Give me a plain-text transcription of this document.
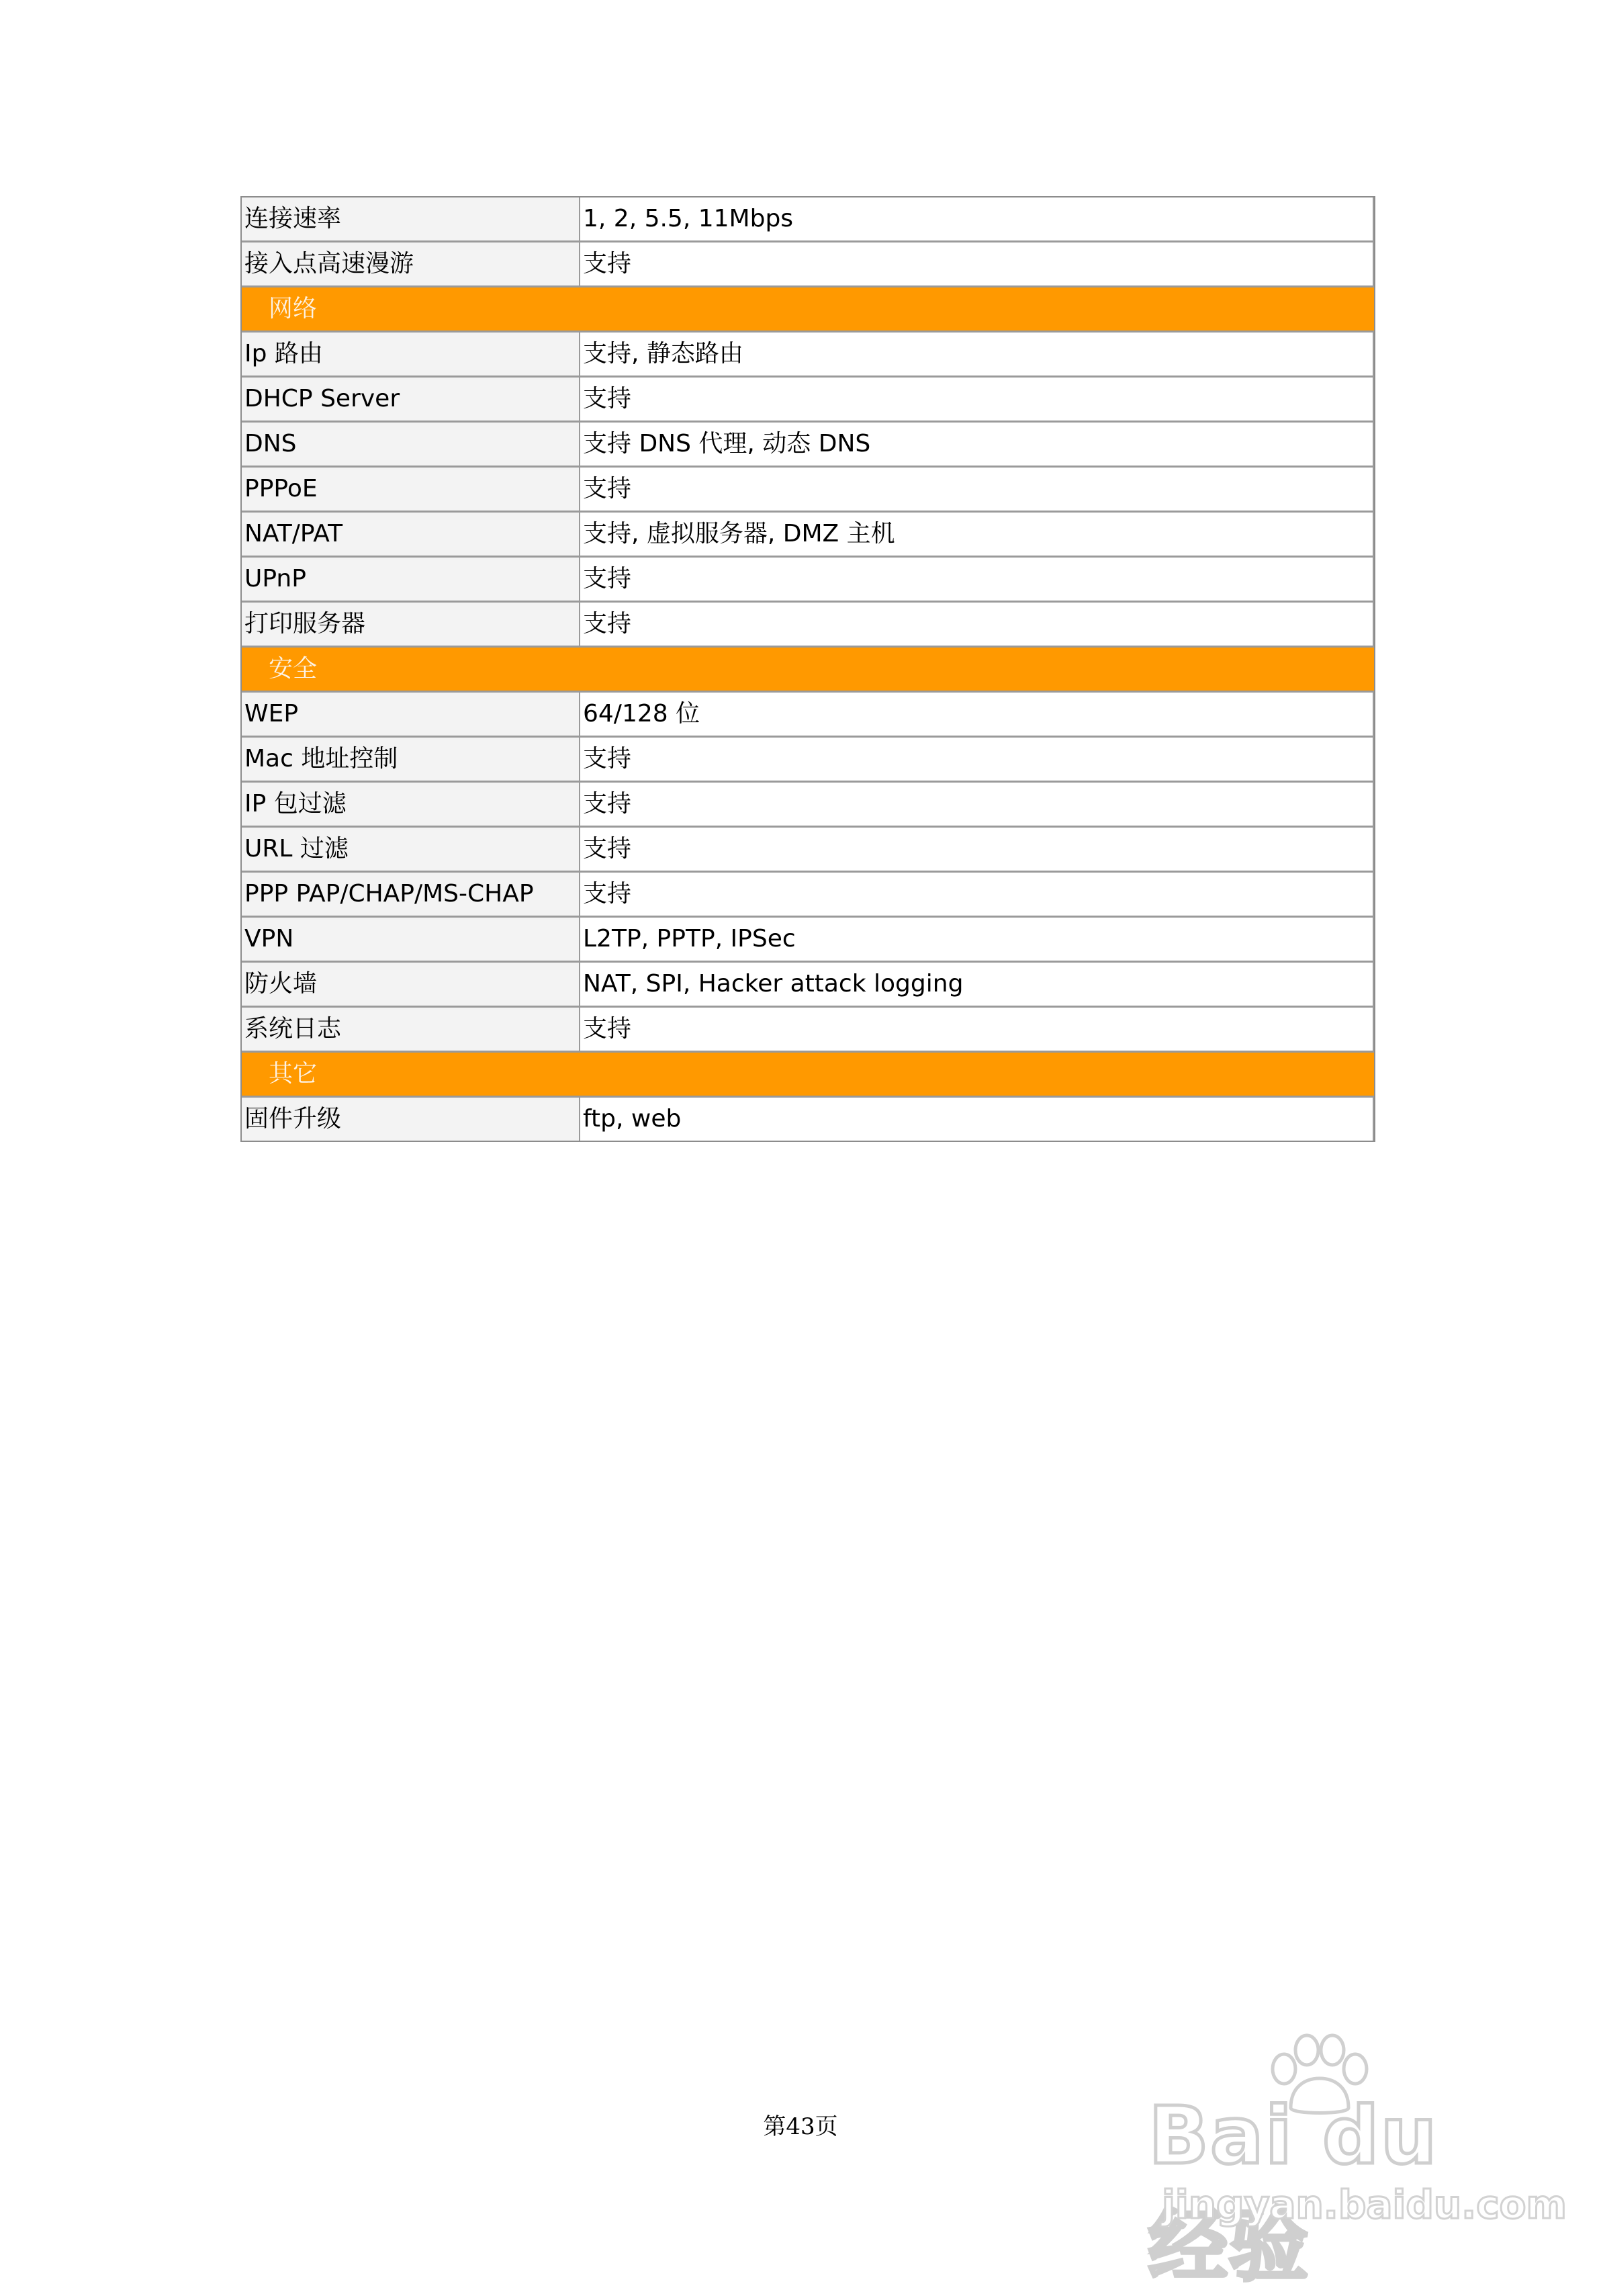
连接速率	1, 2, 5.5, 11Mbps
接入点高速漫游	支持
网络	
Ip 路由	支持, 静态路由
DHCP Server	支持
DNS	支持 DNS 代理, 动态 DNS
PPPoE	支持
NAT/PAT	支持, 虚拟服务器, DMZ 主机
UPnP	支持
打印服务器	支持
安全	
WEP	64/128 位
Mac 地址控制	支持
IP 包过滤	支持
URL 过滤	支持
PPP PAP/CHAP/MS-CHAP	支持
VPN	L2TP, PPTP, IPSec
防火墙	NAT, SPI, Hacker attack logging
系统日志	支持
其它	
固件升级	ftp, web
第43页	Bai du 经验
jingyan.baidu.com
